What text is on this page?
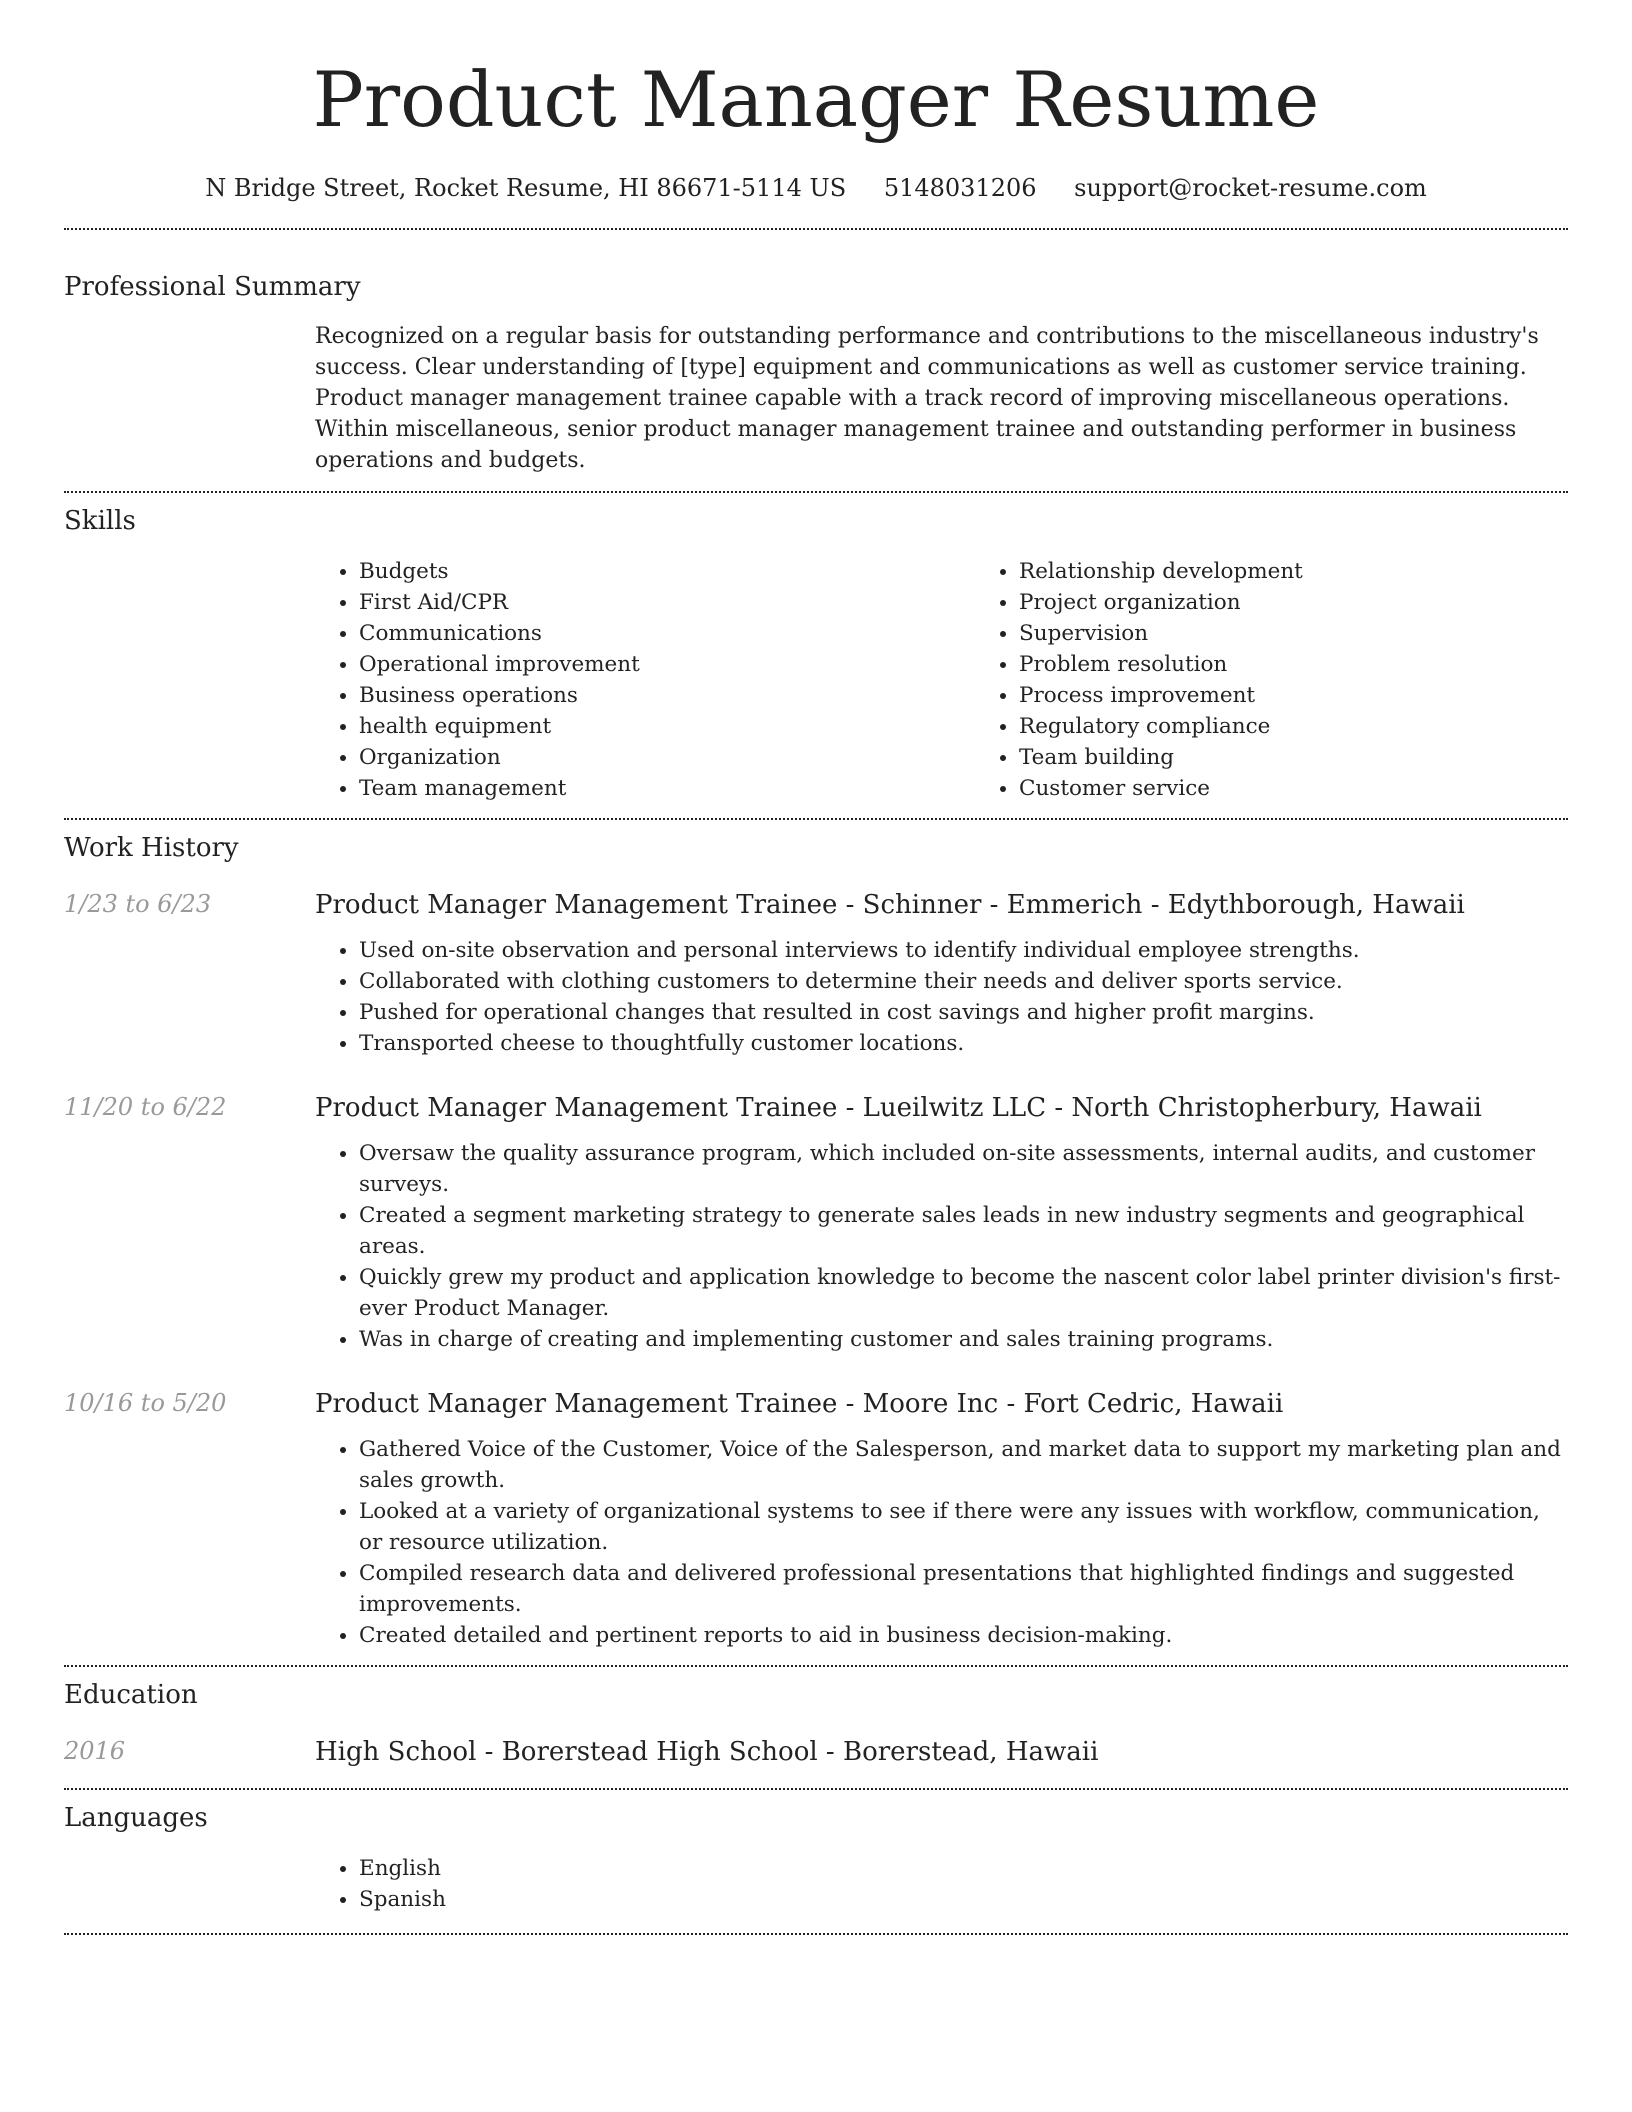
Product Manager Resume
N Bridge Street, Rocket Resume, HI 86671-5114 US 5148031206 support@rocket-resume.com
Professional Summary

Recognized on a regular basis for outstanding performance and contributions to the miscellaneous industry's success. Clear understanding of [type] equipment and communications as well as customer service training. Product manager management trainee capable with a track record of improving miscellaneous operations. Within miscellaneous, senior product manager management trainee and outstanding performer in business operations and budgets.

Skills
• Budgets
• First Aid/CPR
• Communications
• Operational improvement
• Business operations
• health equipment
• Organization
• Team management
• Relationship development
• Project organization
• Supervision
• Problem resolution
• Process improvement
• Regulatory compliance
• Team building
• Customer service
Work History
1/23 to 6/23	Product Manager Management Trainee - Schinner - Emmerich - Edythborough, Hawaii
• Used on-site observation and personal interviews to identify individual employee strengths.
• Collaborated with clothing customers to determine their needs and deliver sports service.
• Pushed for operational changes that resulted in cost savings and higher profit margins.
• Transported cheese to thoughtfully customer locations.
11/20 to 6/22	Product Manager Management Trainee - Lueilwitz LLC - North Christopherbury, Hawaii
• Oversaw the quality assurance program, which included on-site assessments, internal audits, and customer surveys.
• Created a segment marketing strategy to generate sales leads in new industry segments and geographical areas.
• Quickly grew my product and application knowledge to become the nascent color label printer division's first-ever Product Manager.
• Was in charge of creating and implementing customer and sales training programs.
10/16 to 5/20	Product Manager Management Trainee - Moore Inc - Fort Cedric, Hawaii
• Gathered Voice of the Customer, Voice of the Salesperson, and market data to support my marketing plan and sales growth.
• Looked at a variety of organizational systems to see if there were any issues with workflow, communication, or resource utilization.
• Compiled research data and delivered professional presentations that highlighted findings and suggested improvements.
• Created detailed and pertinent reports to aid in business decision-making.
Education
2016	High School - Borerstead High School - Borerstead, Hawaii
Languages
• English
• Spanish
